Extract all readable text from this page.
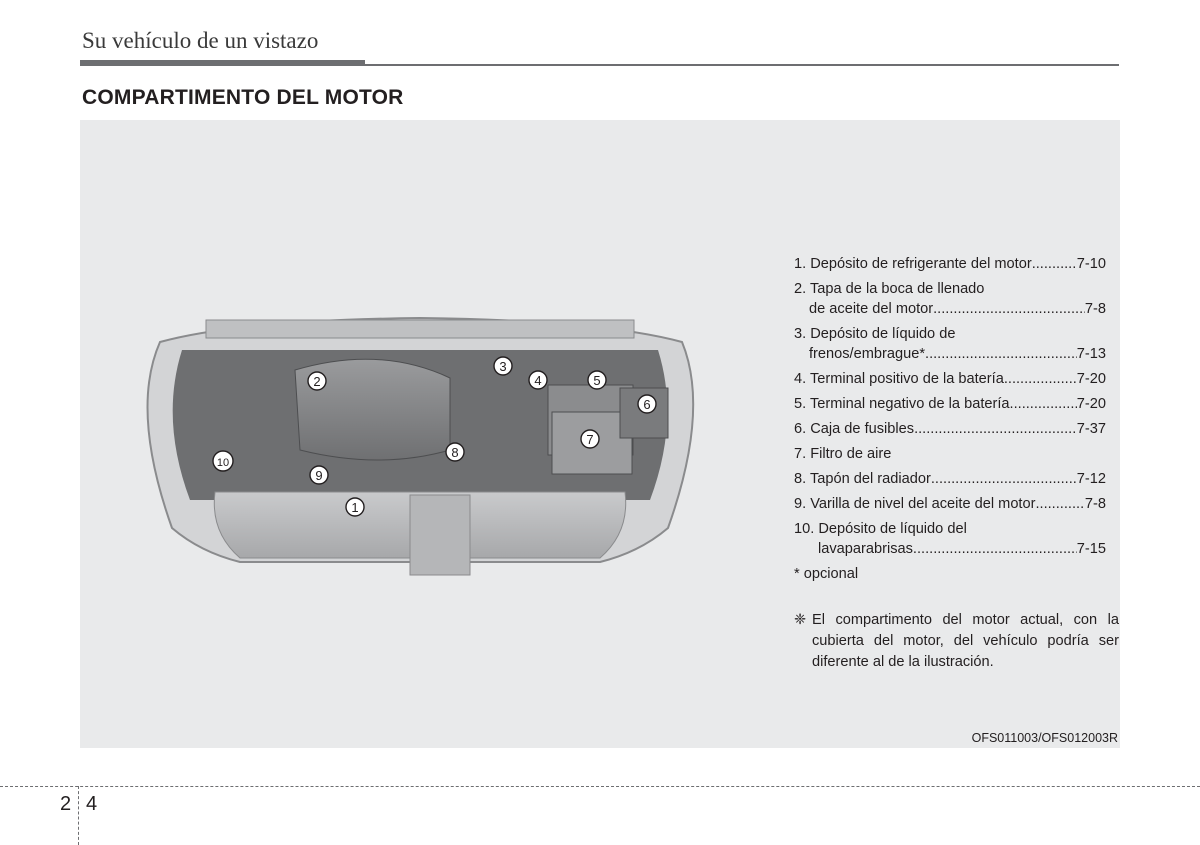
Su vehículo de un vistazo
COMPARTIMENTO DEL MOTOR
1
2
3
4	5
6
7
8
9
10
1. Depósito de refrigerante del motor .....	7-10
2. Tapa de la boca de llenado
de aceite del motor .....	7-8
3. Depósito de líquido de
frenos/embrague* .....	7-13
4. Terminal positivo de la batería .....	7-20
5. Terminal negativo de la batería .....	7-20
6. Caja de fusibles .....	7-37
7. Filtro de aire
8. Tapón del radiador .....	7-12
9. Varilla de nivel del aceite del motor .....	7-8
10. Depósito de líquido del
lavaparabrisas .....	7-15
* opcional
❈ El compartimento del motor actual, con la cubierta del motor, del vehículo podría ser diferente al de la ilustración.
OFS011003/OFS012003R
2 4
